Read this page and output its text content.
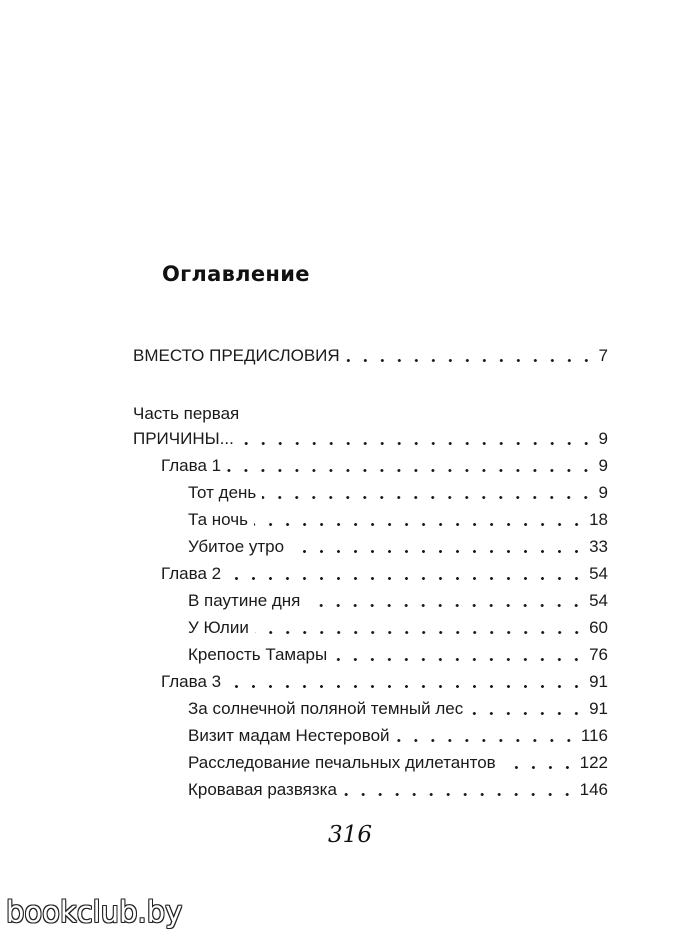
Оглавление
ВМЕСТО ПРЕДИСЛОВИЯ	7
Часть первая
ПРИЧИНЫ...	9
Глава 1	9
Тот день	9
Та ночь	18
Убитое утро	33
Глава 2	54
В паутине дня	54
У Юлии	60
Крепость Тамары	76
Глава 3	91
За солнечной поляной темный лес	91
Визит мадам Нестеровой	116
Расследование печальных дилетантов	122
Кровавая развязка	146
316
bookclub.by
